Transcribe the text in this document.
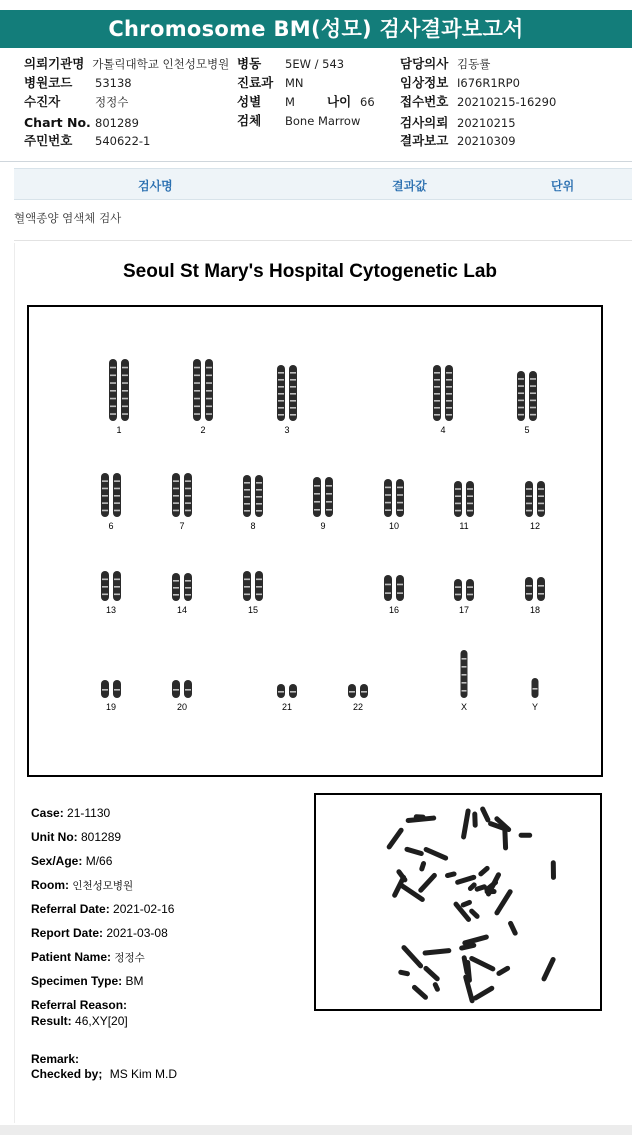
Chromosome BM(성모) 검사결과보고서
의뢰기관명 가톨릭대학교 인천성모병원
병원코드 53138
수진자	정정수
Chart No. 801289
주민번호 540622-1
병동 5EW / 543
진료과 MN
성별 M	나이 66
검체 Bone Marrow
담당의사 김동률
임상정보 I676R1RP0
접수번호 20210215-16290
검사의뢰 20210215
결과보고 20210309
검사명	결과값	단위
혈액종양 염색체 검사
Seoul St Mary's Hospital Cytogenetic Lab
1	2	3	4	5
6	7	8	9	10	11	12
13	14	15	16	17	18
19	20	21	22	X	Y
Case: 21-1130
Unit No: 801289
Sex/Age: M/66
Room: 인천성모병원
Referral Date: 2021-02-16
Report Date: 2021-03-08
Patient Name: 정정수
Specimen Type: BM
Referral Reason:
Result: 46,XY[20]
Remark:
Checked by; MS Kim M.D
